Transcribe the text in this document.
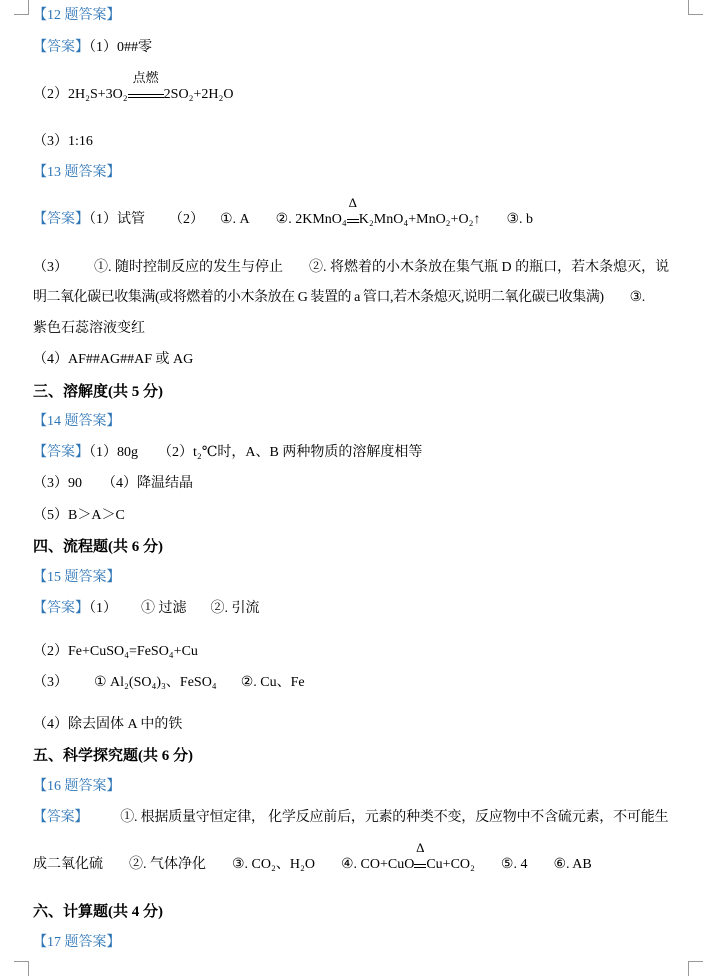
【12 题答案】
【答案】（1）0##零
（2）2H₂S+3O₂
点燃
2SO₂+2H₂O
（3）1:16
【13 题答案】
【答案】（1）试管 （2） ①. A ②. 2KMnO₄
Δ
K₂MnO₄+MnO₂+O₂↑ ③. b
（3） ①. 随时控制反应的发生与停止 ②. 将燃着的小木条放在集气瓶 D 的瓶口，若木条熄灭，说
明二氧化碳已收集满(或将燃着的小木条放在 G 装置的 a 管口,若木条熄灭,说明二氧化碳已收集满) ③.
紫色石蕊溶液变红
（4）AF##AG##AF 或 AG
三、溶解度(共 5 分)
【14 题答案】
【答案】（1）80g （2）t₂℃时，A、B 两种物质的溶解度相等
（3）90 （4）降温结晶
（5）B＞A＞C
四、流程题(共 6 分)
【15 题答案】
【答案】（1） ① 过滤 ②. 引流
（2）Fe+CuSO₄=FeSO₄+Cu
（3） ① Al₂(SO₄)₃、FeSO₄ ②. Cu、Fe
（4）除去固体 A 中的铁
五、科学探究题(共 6 分)
【16 题答案】
【答案】 ①. 根据质量守恒定律， 化学反应前后，元素的种类不变，反应物中不含硫元素，不可能生
成二氧化硫 ②. 气体净化 ③. CO₂、H₂O ④. CO+CuO
Δ
Cu+CO₂ ⑤. 4 ⑥. AB
六、计算题(共 4 分)
【17 题答案】
